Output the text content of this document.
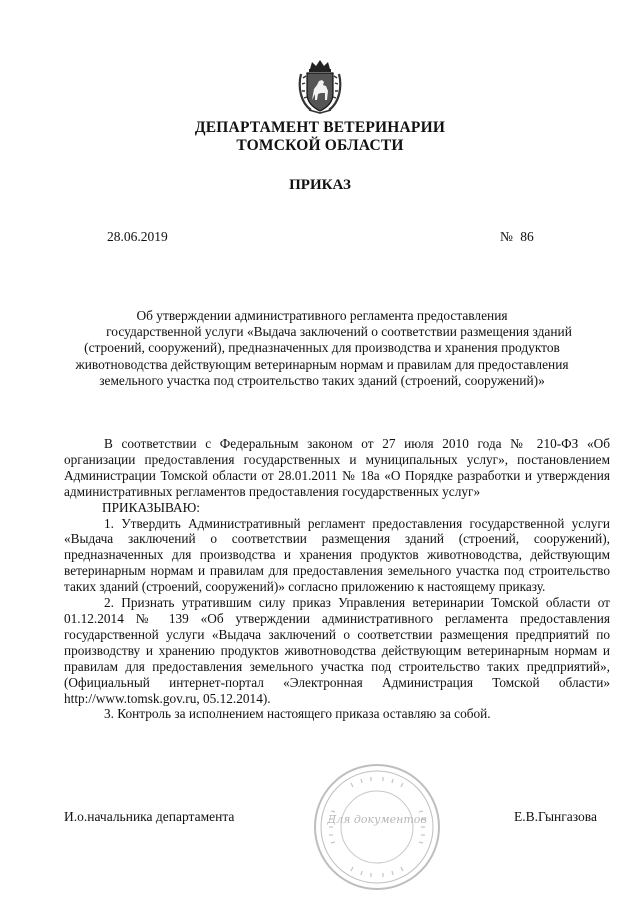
ДЕПАРТАМЕНТ ВЕТЕРИНАРИИ
ТОМСКОЙ ОБЛАСТИ
ПРИКАЗ
28.06.2019	№ 86
Об утверждении административного регламента предоставления
государственной услуги «Выдача заключений о соответствии размещения зданий
(строений, сооружений), предназначенных для производства и хранения продуктов
животноводства действующим ветеринарным нормам и правилам для предоставления
земельного участка под строительство таких зданий (строений, сооружений)»

В соответствии с Федеральным законом от 27 июля 2010 года № 210-ФЗ «Об организации предоставления государственных и муниципальных услуг», постановлением Администрации Томской области от 28.01.2011 № 18а «О Порядке разработки и утверждения административных регламентов предоставления государственных услуг»

ПРИКАЗЫВАЮ:

1. Утвердить Административный регламент предоставления государственной услуги «Выдача заключений о соответствии размещения зданий (строений, сооружений), предназначенных для производства и хранения продуктов животноводства, действующим ветеринарным нормам и правилам для предоставления земельного участка под строительство таких зданий (строений, сооружений)» согласно приложению к настоящему приказу.

2. Признать утратившим силу приказ Управления ветеринарии Томской области от 01.12.2014 № 139 «Об утверждении административного регламента предоставления государственной услуги «Выдача заключений о соответствии размещения предприятий по производству и хранению продуктов животноводства действующим ветеринарным нормам и правилам для предоставления земельного участка под строительство таких предприятий», (Официальный интернет-портал «Электронная Администрация Томской области» http://www.tomsk.gov.ru, 05.12.2014).

3. Контроль за исполнением настоящего приказа оставляю за собой.

И.о.начальника департамента	Для документов	Е.В.Гынгазова
